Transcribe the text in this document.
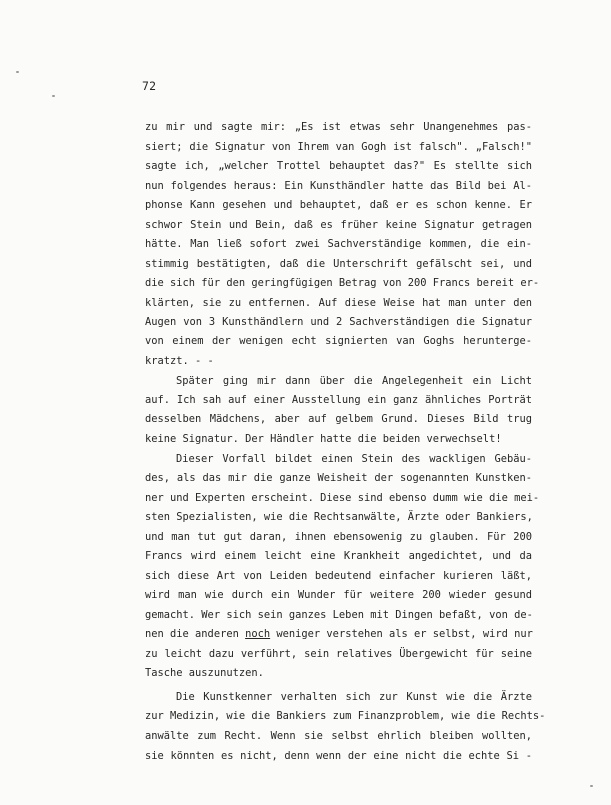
72
zu mir und sagte mir: „Es ist etwas sehr Unangenehmes pas-
siert; die Signatur von Ihrem van Gogh ist falsch". „Falsch!"
sagte ich, „welcher Trottel behauptet das?" Es stellte sich
nun folgendes heraus: Ein Kunsthändler hatte das Bild bei Al-
phonse Kann gesehen und behauptet, daß er es schon kenne. Er
schwor Stein und Bein, daß es früher keine Signatur getragen
hätte. Man ließ sofort zwei Sachverständige kommen, die ein-
stimmig bestätigten, daß die Unterschrift gefälscht sei, und
die sich für den geringfügigen Betrag von 200 Francs bereit er-
klärten, sie zu entfernen. Auf diese Weise hat man unter den
Augen von 3 Kunsthändlern und 2 Sachverständigen die Signatur
von einem der wenigen echt signierten van Goghs herunterge-
kratzt. - -
Später ging mir dann über die Angelegenheit ein Licht
auf. Ich sah auf einer Ausstellung ein ganz ähnliches Porträt
desselben Mädchens, aber auf gelbem Grund. Dieses Bild trug
keine Signatur. Der Händler hatte die beiden verwechselt!
Dieser Vorfall bildet einen Stein des wackligen Gebäu-
des, als das mir die ganze Weisheit der sogenannten Kunstken-
ner und Experten erscheint. Diese sind ebenso dumm wie die mei-
sten Spezialisten, wie die Rechtsanwälte, Ärzte oder Bankiers,
und man tut gut daran, ihnen ebensowenig zu glauben. Für 200
Francs wird einem leicht eine Krankheit angedichtet, und da
sich diese Art von Leiden bedeutend einfacher kurieren läßt,
wird man wie durch ein Wunder für weitere 200 wieder gesund
gemacht. Wer sich sein ganzes Leben mit Dingen befaßt, von de-
nen die anderen noch weniger verstehen als er selbst, wird nur
zu leicht dazu verführt, sein relatives Übergewicht für seine
Tasche auszunutzen.
Die Kunstkenner verhalten sich zur Kunst wie die Ärzte
zur Medizin, wie die Bankiers zum Finanzproblem, wie die Rechts-
anwälte zum Recht. Wenn sie selbst ehrlich bleiben wollten,
sie könnten es nicht, denn wenn der eine nicht die echte Si -
